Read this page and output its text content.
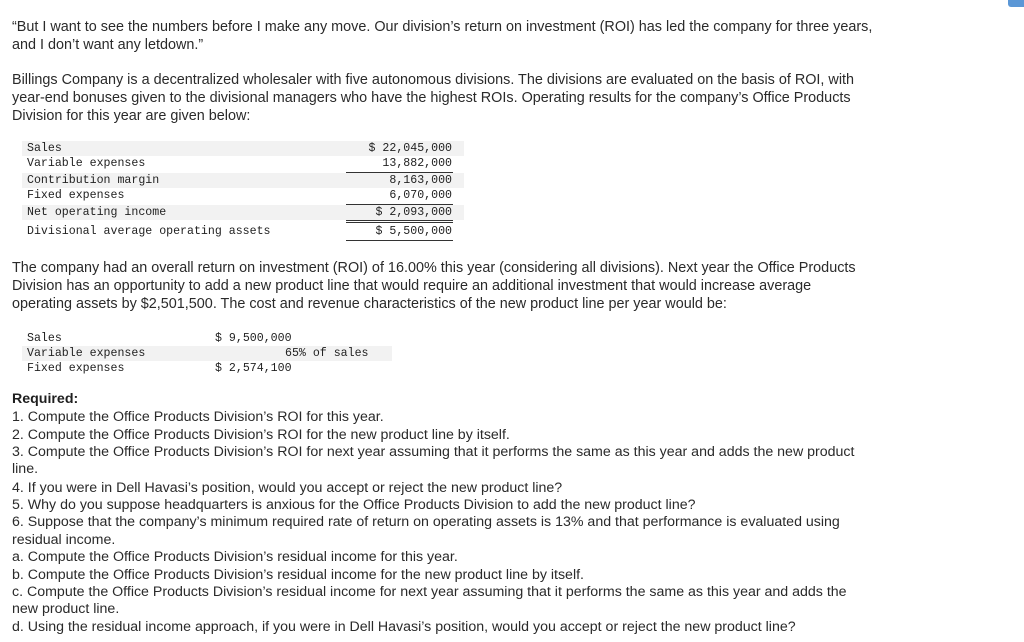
“But I want to see the numbers before I make any move. Our division’s return on investment (ROI) has led the company for three years,

and I don’t want any letdown.”

Billings Company is a decentralized wholesaler with five autonomous divisions. The divisions are evaluated on the basis of ROI, with

year-end bonuses given to the divisional managers who have the highest ROIs. Operating results for the company’s Office Products

Division for this year are given below:

Sales	$ 22,045,000
Variable expenses	13,882,000
Contribution margin	8,163,000
Fixed expenses	6,070,000
Net operating income	$ 2,093,000
Divisional average operating assets	$ 5,500,000

The company had an overall return on investment (ROI) of 16.00% this year (considering all divisions). Next year the Office Products

Division has an opportunity to add a new product line that would require an additional investment that would increase average

operating assets by $2,501,500. The cost and revenue characteristics of the new product line per year would be:

Sales	$ 9,500,000
Variable expenses	65% of sales
Fixed expenses	$ 2,574,100
Required:
1. Compute the Office Products Division’s ROI for this year.
2. Compute the Office Products Division’s ROI for the new product line by itself.
3. Compute the Office Products Division’s ROI for next year assuming that it performs the same as this year and adds the new product
line.
4. If you were in Dell Havasi’s position, would you accept or reject the new product line?
5. Why do you suppose headquarters is anxious for the Office Products Division to add the new product line?
6. Suppose that the company’s minimum required rate of return on operating assets is 13% and that performance is evaluated using
residual income.
a. Compute the Office Products Division’s residual income for this year.
b. Compute the Office Products Division’s residual income for the new product line by itself.
c. Compute the Office Products Division’s residual income for next year assuming that it performs the same as this year and adds the
new product line.
d. Using the residual income approach, if you were in Dell Havasi’s position, would you accept or reject the new product line?
